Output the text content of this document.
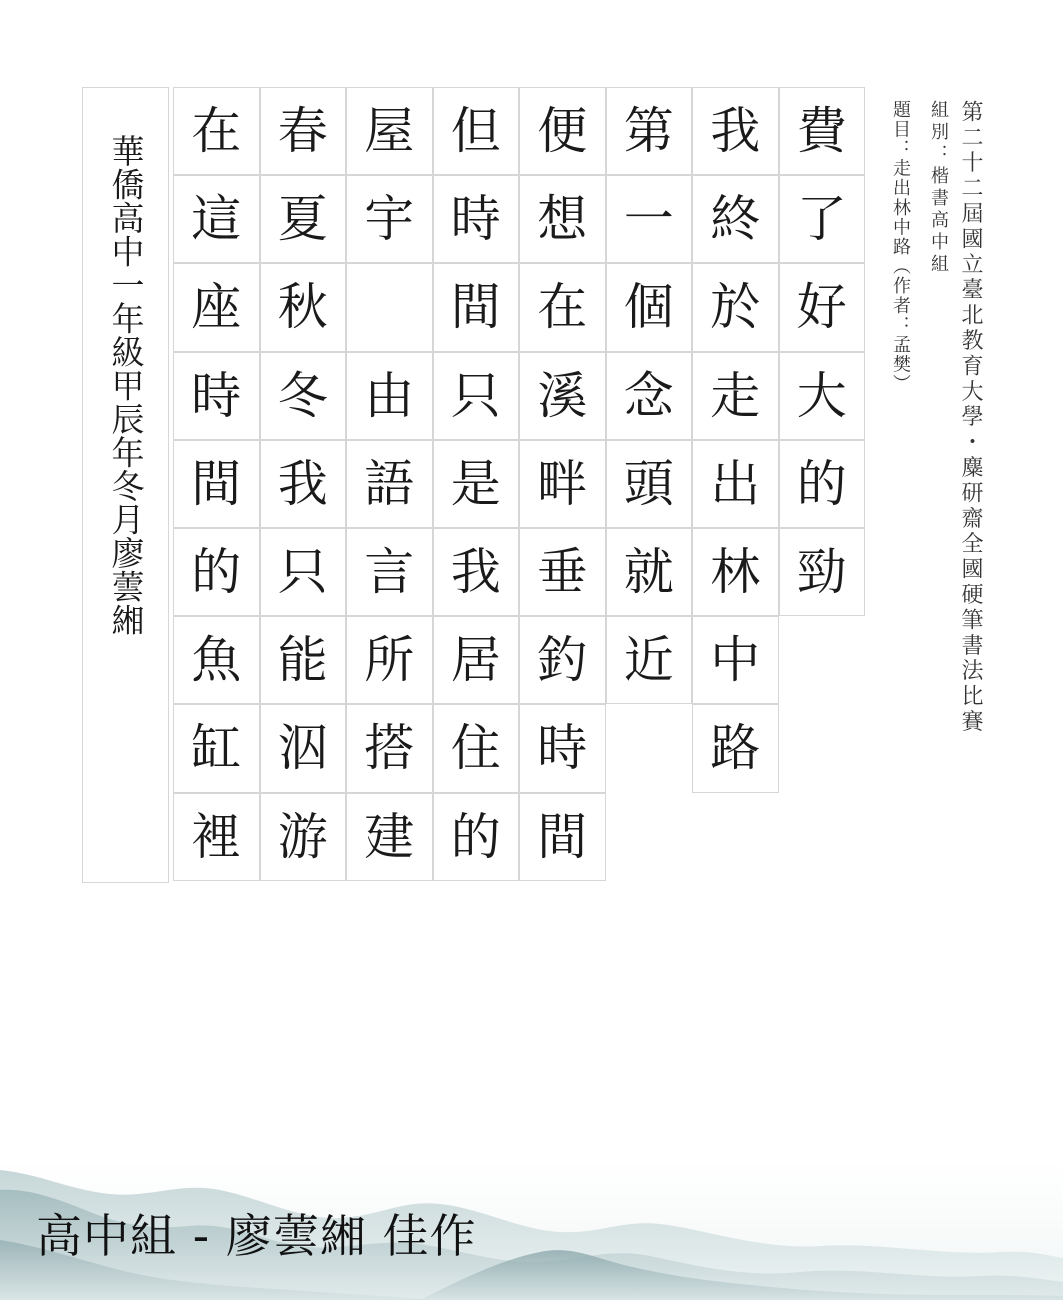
第二十二屆國立臺北教育大學・麋研齋全國硬筆書法比賽
組別：楷書高中組
題目：走出林中路（作者：孟樊）
費
了
好
大
的
勁
我
終
於
走
出
林
中
路
第
一
個
念
頭
就
近
便
想
在
溪
畔
垂
釣
時
間
但
時
間
只
是
我
居
住
的
屋
宇
由
語
言
所
搭
建
春
夏
秋
冬
我
只
能
泅
游
在
這
座
時
間
的
魚
缸
裡
華僑高中一年級甲辰年冬月廖蕓緗
高中組 - 廖蕓緗 佳作
